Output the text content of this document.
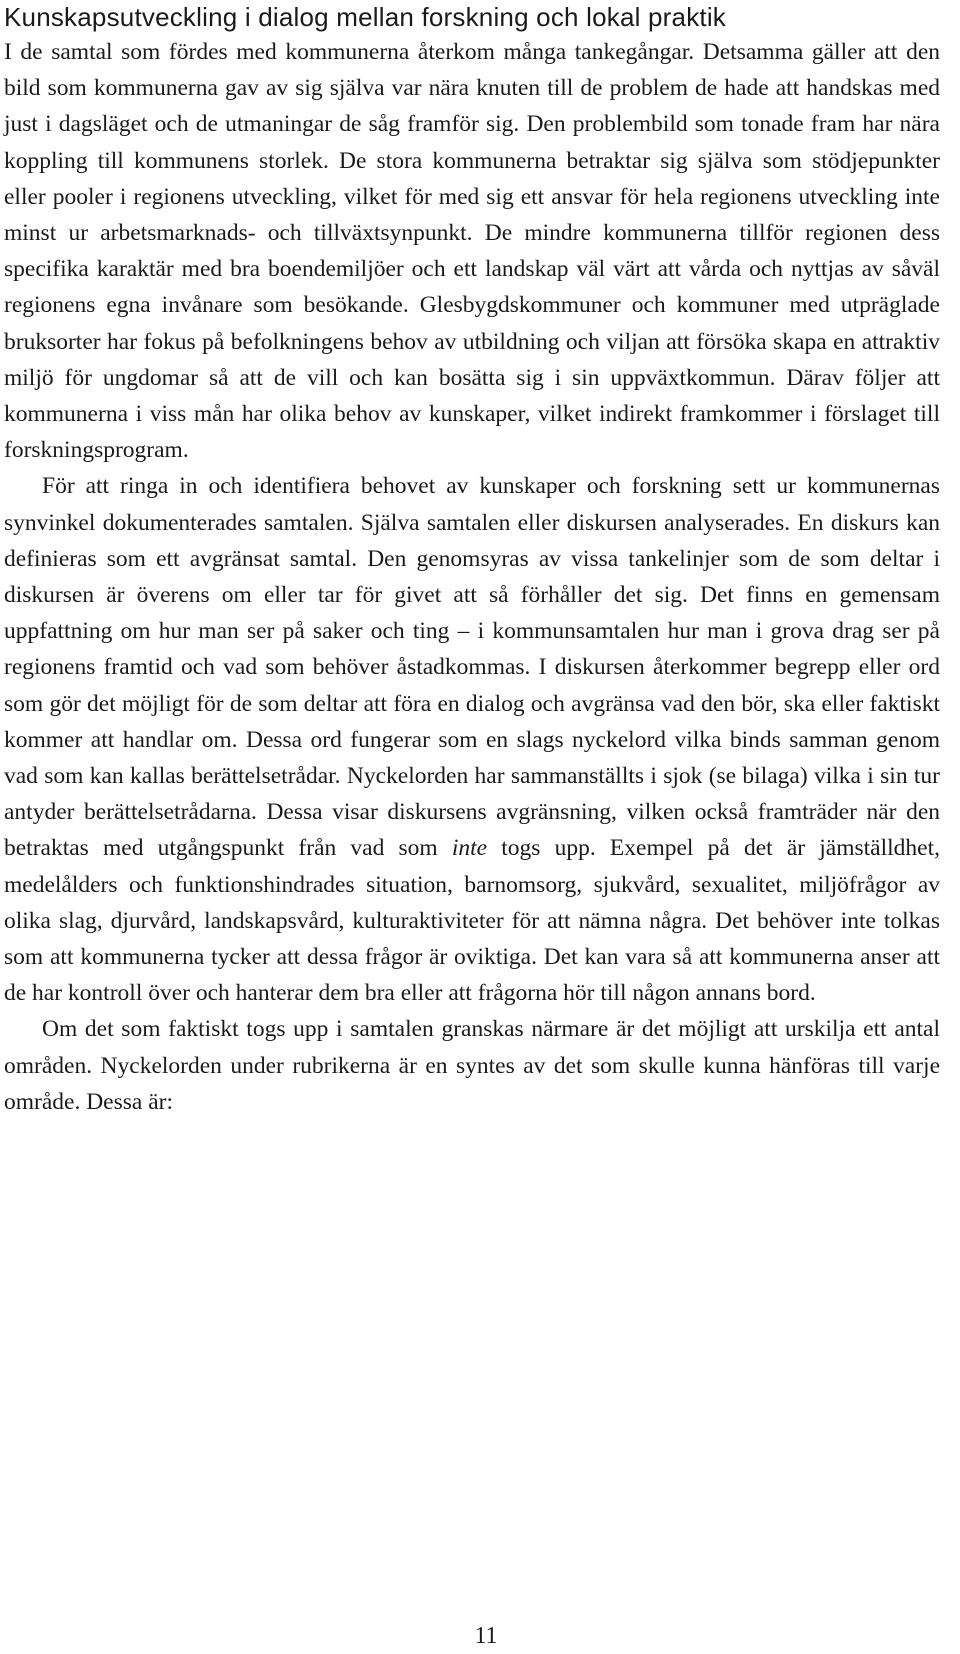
Kunskapsutveckling i dialog mellan forskning och lokal praktik

I de samtal som fördes med kommunerna återkom många tankegångar. Detsamma gäller att den bild som kommunerna gav av sig själva var nära knuten till de problem de hade att handskas med just i dagsläget och de utmaningar de såg framför sig. Den problembild som tonade fram har nära koppling till kommunens storlek. De stora kommunerna betraktar sig själva som stödjepunkter eller pooler i regionens utveckling, vilket för med sig ett ansvar för hela regionens utveckling inte minst ur arbetsmarknads- och tillväxtsynpunkt. De mindre kommunerna tillför regionen dess specifika karaktär med bra boendemiljöer och ett landskap väl värt att vårda och nyttjas av såväl regionens egna invånare som besökande. Glesbygdskommuner och kommuner med utpräglade bruksorter har fokus på befolkningens behov av utbildning och viljan att försöka skapa en attraktiv miljö för ungdomar så att de vill och kan bosätta sig i sin uppväxtkommun. Därav följer att kommunerna i viss mån har olika behov av kunskaper, vilket indirekt framkommer i förslaget till forskningsprogram.

För att ringa in och identifiera behovet av kunskaper och forskning sett ur kommunernas synvinkel dokumenterades samtalen. Själva samtalen eller diskursen analyserades. En diskurs kan definieras som ett avgränsat samtal. Den genomsyras av vissa tankelinjer som de som deltar i diskursen är överens om eller tar för givet att så förhåller det sig. Det finns en gemensam uppfattning om hur man ser på saker och ting – i kommunsamtalen hur man i grova drag ser på regionens framtid och vad som behöver åstadkommas. I diskursen återkommer begrepp eller ord som gör det möjligt för de som deltar att föra en dialog och avgränsa vad den bör, ska eller faktiskt kommer att handlar om. Dessa ord fungerar som en slags nyckelord vilka binds samman genom vad som kan kallas berättelsetrådar. Nyckelorden har sammanställts i sjok (se bilaga) vilka i sin tur antyder berättelsetrådarna. Dessa visar diskursens avgränsning, vilken också framträder när den betraktas med utgångspunkt från vad som inte togs upp. Exempel på det är jämställdhet, medelålders och funktionshindrades situation, barnomsorg, sjukvård, sexualitet, miljöfrågor av olika slag, djurvård, landskapsvård, kulturaktiviteter för att nämna några. Det behöver inte tolkas som att kommunerna tycker att dessa frågor är oviktiga. Det kan vara så att kommunerna anser att de har kontroll över och hanterar dem bra eller att frågorna hör till någon annans bord.

Om det som faktiskt togs upp i samtalen granskas närmare är det möjligt att urskilja ett antal områden. Nyckelorden under rubrikerna är en syntes av det som skulle kunna hänföras till varje område. Dessa är:

11
